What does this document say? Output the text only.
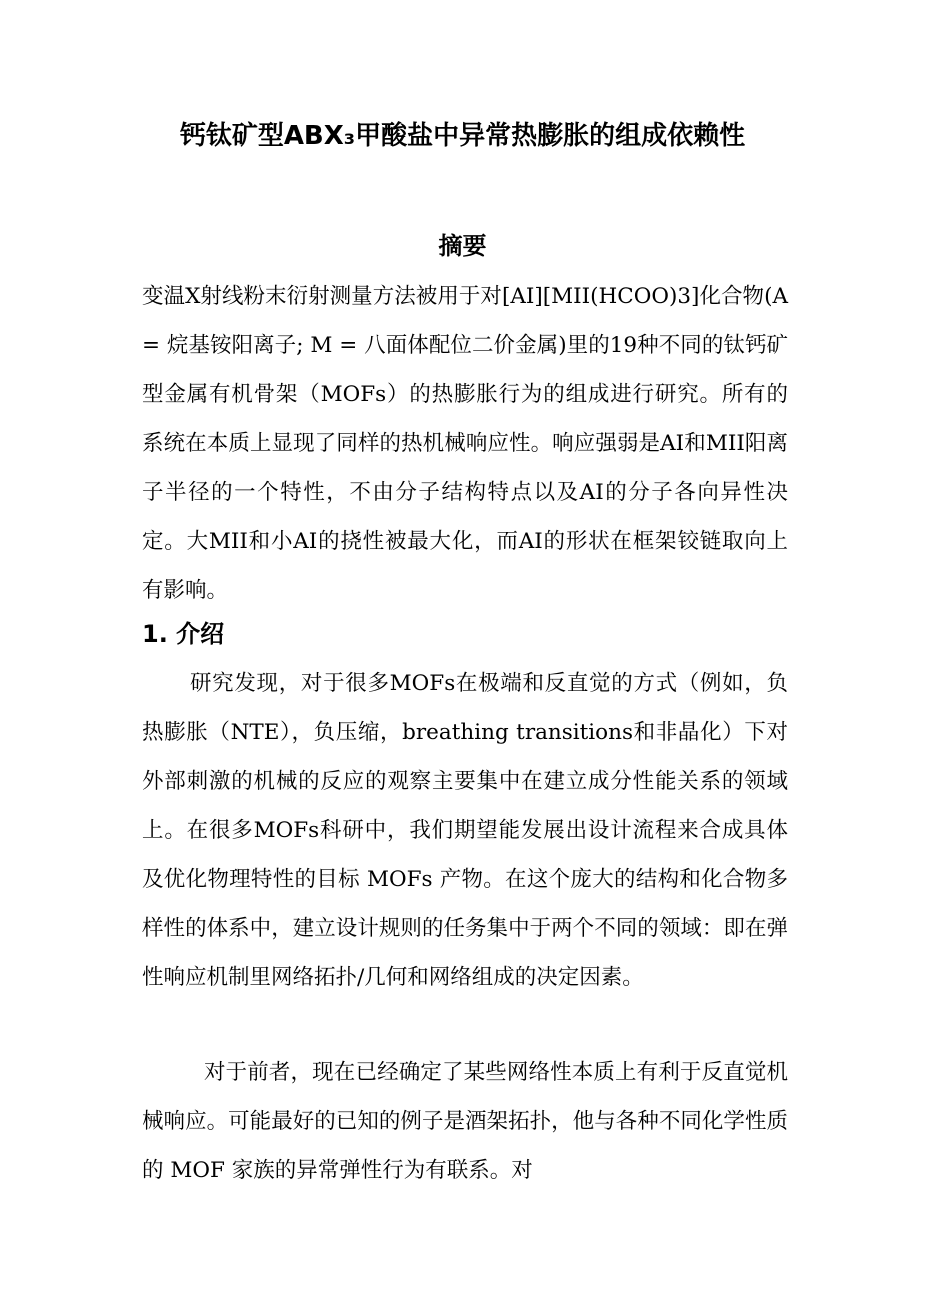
钙钛矿型ABX₃甲酸盐中异常热膨胀的组成依赖性
摘要

变温X射线粉末衍射测量方法被用于对[AI][MII(HCOO)3]化合物(A = 烷基铵阳离子; M = 八面体配位二价金属)里的19种不同的钛钙矿型金属有机骨架（MOFs）的热膨胀行为的组成进行研究。所有的系统在本质上显现了同样的热机械响应性。响应强弱是AI和MII阳离子半径的一个特性，不由分子结构特点以及AI的分子各向异性决定。大MII和小AI的挠性被最大化，而AI的形状在框架铰链取向上有影响。

1. 介绍

研究发现，对于很多MOFs在极端和反直觉的方式（例如，负热膨胀（NTE），负压缩，breathing transitions和非晶化）下对外部刺激的机械的反应的观察主要集中在建立成分性能关系的领域上。在很多MOFs科研中，我们期望能发展出设计流程来合成具体及优化物理特性的目标 MOFs 产物。在这个庞大的结构和化合物多样性的体系中，建立设计规则的任务集中于两个不同的领域：即在弹性响应机制里网络拓扑/几何和网络组成的决定因素。

对于前者，现在已经确定了某些网络性本质上有利于反直觉机械响应。可能最好的已知的例子是酒架拓扑，他与各种不同化学性质的 MOF 家族的异常弹性行为有联系。对
